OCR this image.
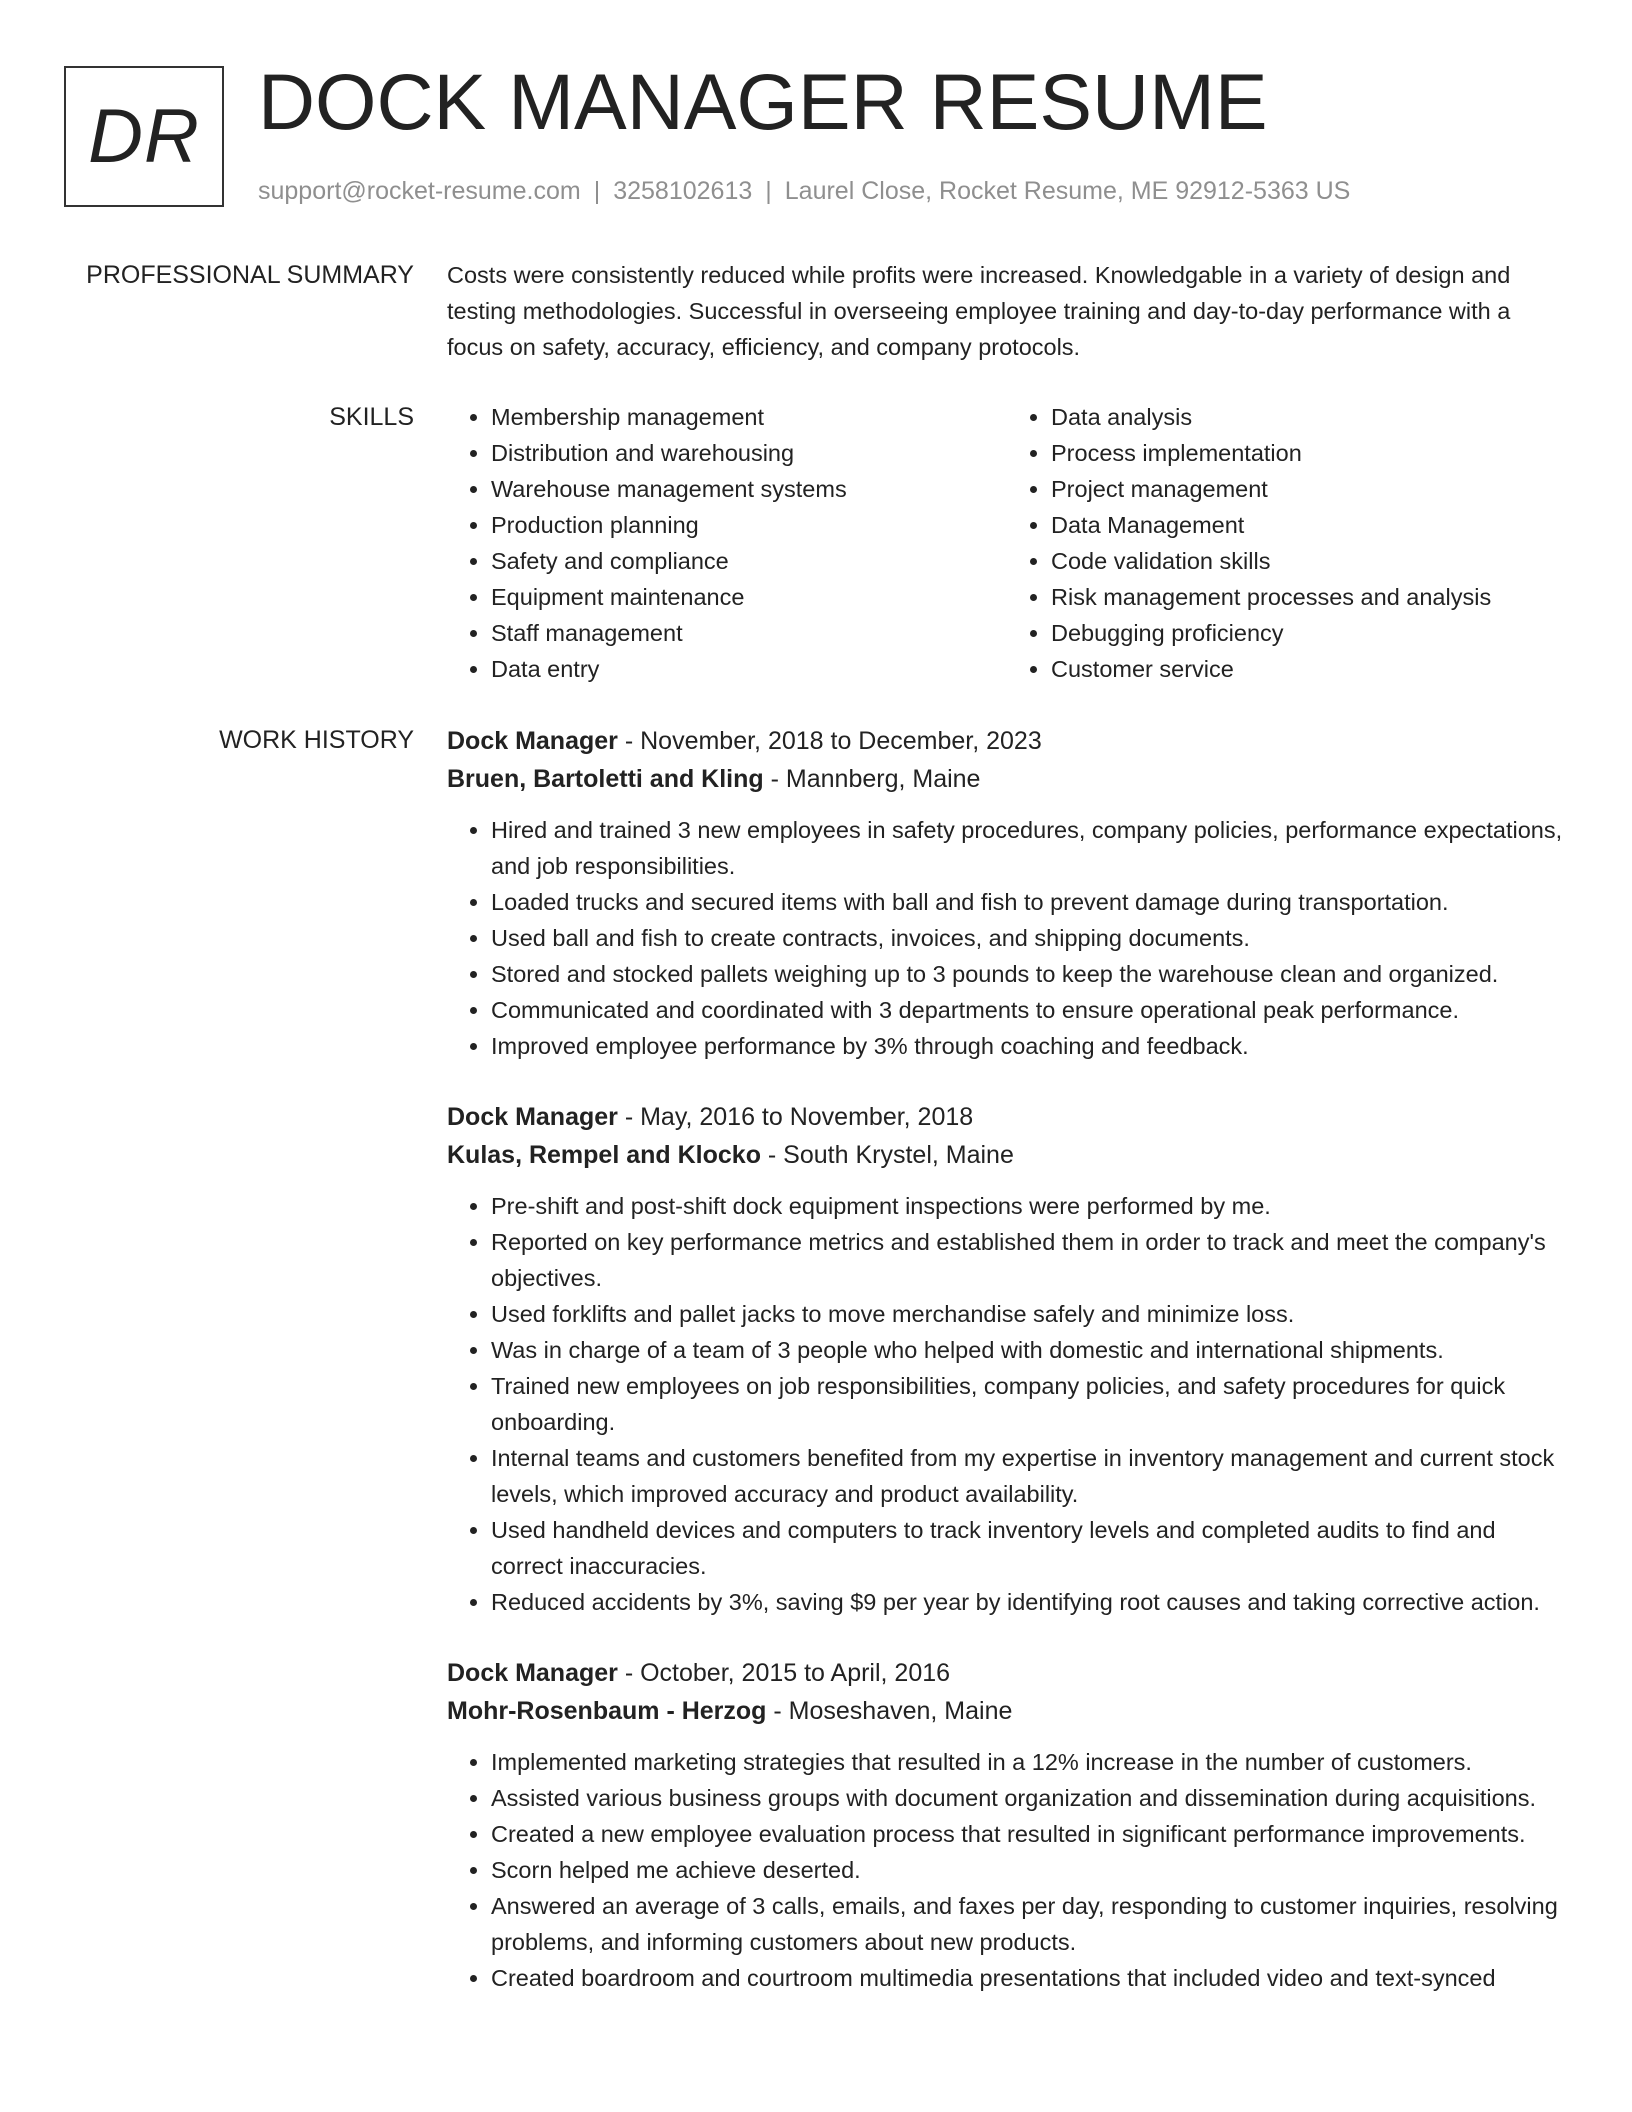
DR DOCK MANAGER RESUME
support@rocket-resume.com | 3258102613 | Laurel Close, Rocket Resume, ME 92912-5363 US
PROFESSIONAL SUMMARY Costs were consistently reduced while profits were increased. Knowledgable in a variety of design and testing methodologies. Successful in overseeing employee training and day-to-day performance with a focus on safety, accuracy, efficiency, and company protocols.

SKILLS
•	Membership management
• Distribution and warehousing
• Warehouse management systems
• Production planning
• Safety and compliance
• Equipment maintenance
• Staff management
• Data entry
• Data analysis
• Process implementation
• Project management
• Data Management
• Code validation skills
• Risk management processes and analysis
• Debugging proficiency
• Customer service
WORK HISTORY Dock Manager - November, 2018 to December, 2023
Bruen, Bartoletti and Kling - Mannberg, Maine
• Hired and trained 3 new employees in safety procedures, company policies, performance expectations, and job responsibilities.
• Loaded trucks and secured items with ball and fish to prevent damage during transportation.
• Used ball and fish to create contracts, invoices, and shipping documents.
• Stored and stocked pallets weighing up to 3 pounds to keep the warehouse clean and organized.
• Communicated and coordinated with 3 departments to ensure operational peak performance.
• Improved employee performance by 3% through coaching and feedback.
Dock Manager - May, 2016 to November, 2018
Kulas, Rempel and Klocko - South Krystel, Maine
• Pre-shift and post-shift dock equipment inspections were performed by me.
• Reported on key performance metrics and established them in order to track and meet the company's objectives.
• Used forklifts and pallet jacks to move merchandise safely and minimize loss.
• Was in charge of a team of 3 people who helped with domestic and international shipments.
• Trained new employees on job responsibilities, company policies, and safety procedures for quick onboarding.
• Internal teams and customers benefited from my expertise in inventory management and current stock levels, which improved accuracy and product availability.
• Used handheld devices and computers to track inventory levels and completed audits to find and correct inaccuracies.
• Reduced accidents by 3%, saving $9 per year by identifying root causes and taking corrective action.
Dock Manager - October, 2015 to April, 2016
Mohr-Rosenbaum - Herzog - Moseshaven, Maine
• Implemented marketing strategies that resulted in a 12% increase in the number of customers.
• Assisted various business groups with document organization and dissemination during acquisitions.
• Created a new employee evaluation process that resulted in significant performance improvements.
• Scorn helped me achieve deserted.
• Answered an average of 3 calls, emails, and faxes per day, responding to customer inquiries, resolving problems, and informing customers about new products.
• Created boardroom and courtroom multimedia presentations that included video and text-synced
